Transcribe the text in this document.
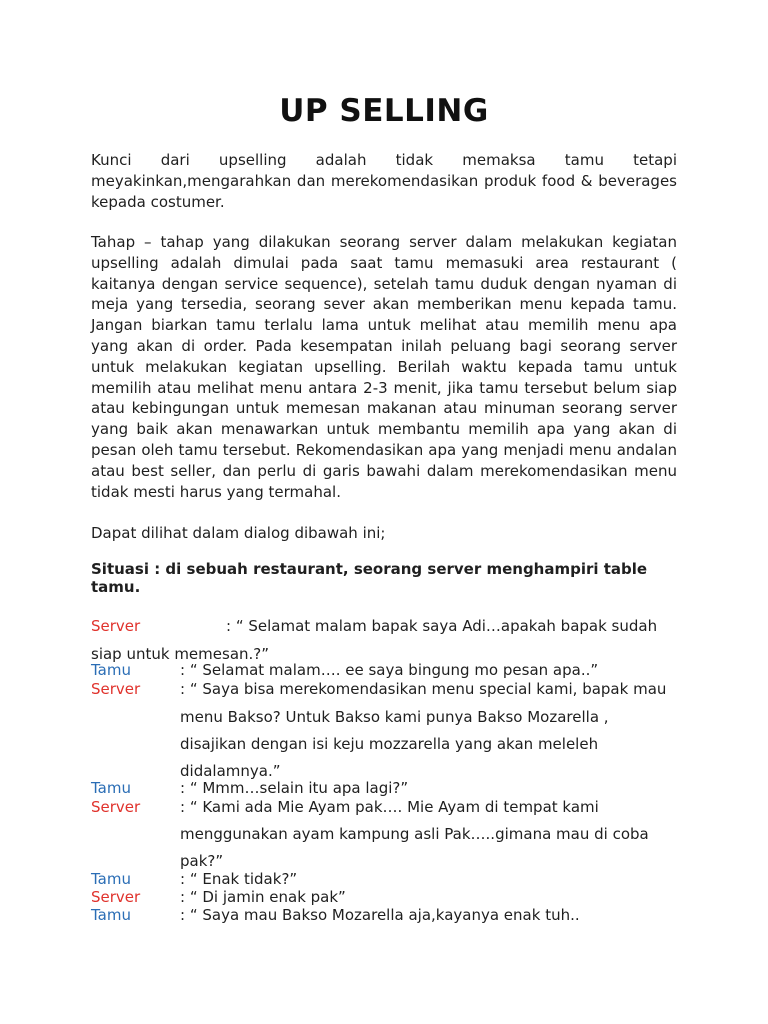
UP SELLING
Kunci dari upselling adalah tidak memaksa tamu tetapi meyakinkan,mengarahkan dan merekomendasikan produk food & beverages kepada costumer.
Tahap – tahap yang dilakukan seorang server dalam melakukan kegiatan upselling adalah dimulai pada saat tamu memasuki area restaurant ( kaitanya dengan service sequence), setelah tamu duduk dengan nyaman di meja yang tersedia, seorang sever akan memberikan menu kepada tamu. Jangan biarkan tamu terlalu lama untuk melihat atau memilih menu apa yang akan di order. Pada kesempatan inilah peluang bagi seorang server untuk melakukan kegiatan upselling. Berilah waktu kepada tamu untuk memilih atau melihat menu antara 2-3 menit, jika tamu tersebut belum siap atau kebingungan untuk memesan makanan atau minuman seorang server yang baik akan menawarkan untuk membantu memilih apa yang akan di pesan oleh tamu tersebut. Rekomendasikan apa yang menjadi menu andalan atau best seller, dan perlu di garis bawahi dalam merekomendasikan menu tidak mesti harus yang termahal.
Dapat dilihat dalam dialog dibawah ini;
Situasi : di sebuah restaurant, seorang server menghampiri table tamu.
Server	: “ Selamat malam bapak saya Adi…apakah bapak sudah
siap untuk memesan.?”
Tamu	: “ Selamat malam…. ee saya bingung mo pesan apa..”
Server	: “ Saya bisa merekomendasikan menu special kami, bapak mau
menu Bakso? Untuk Bakso kami punya Bakso Mozarella ,
disajikan dengan isi keju mozzarella yang akan meleleh
didalamnya.”
Tamu	: “ Mmm…selain itu apa lagi?”
Server	: “ Kami ada Mie Ayam pak…. Mie Ayam di tempat kami
menggunakan ayam kampung asli Pak…..gimana mau di coba
pak?”
Tamu	: “ Enak tidak?”
Server	: “ Di jamin enak pak”
Tamu	: “ Saya mau Bakso Mozarella aja,kayanya enak tuh..
